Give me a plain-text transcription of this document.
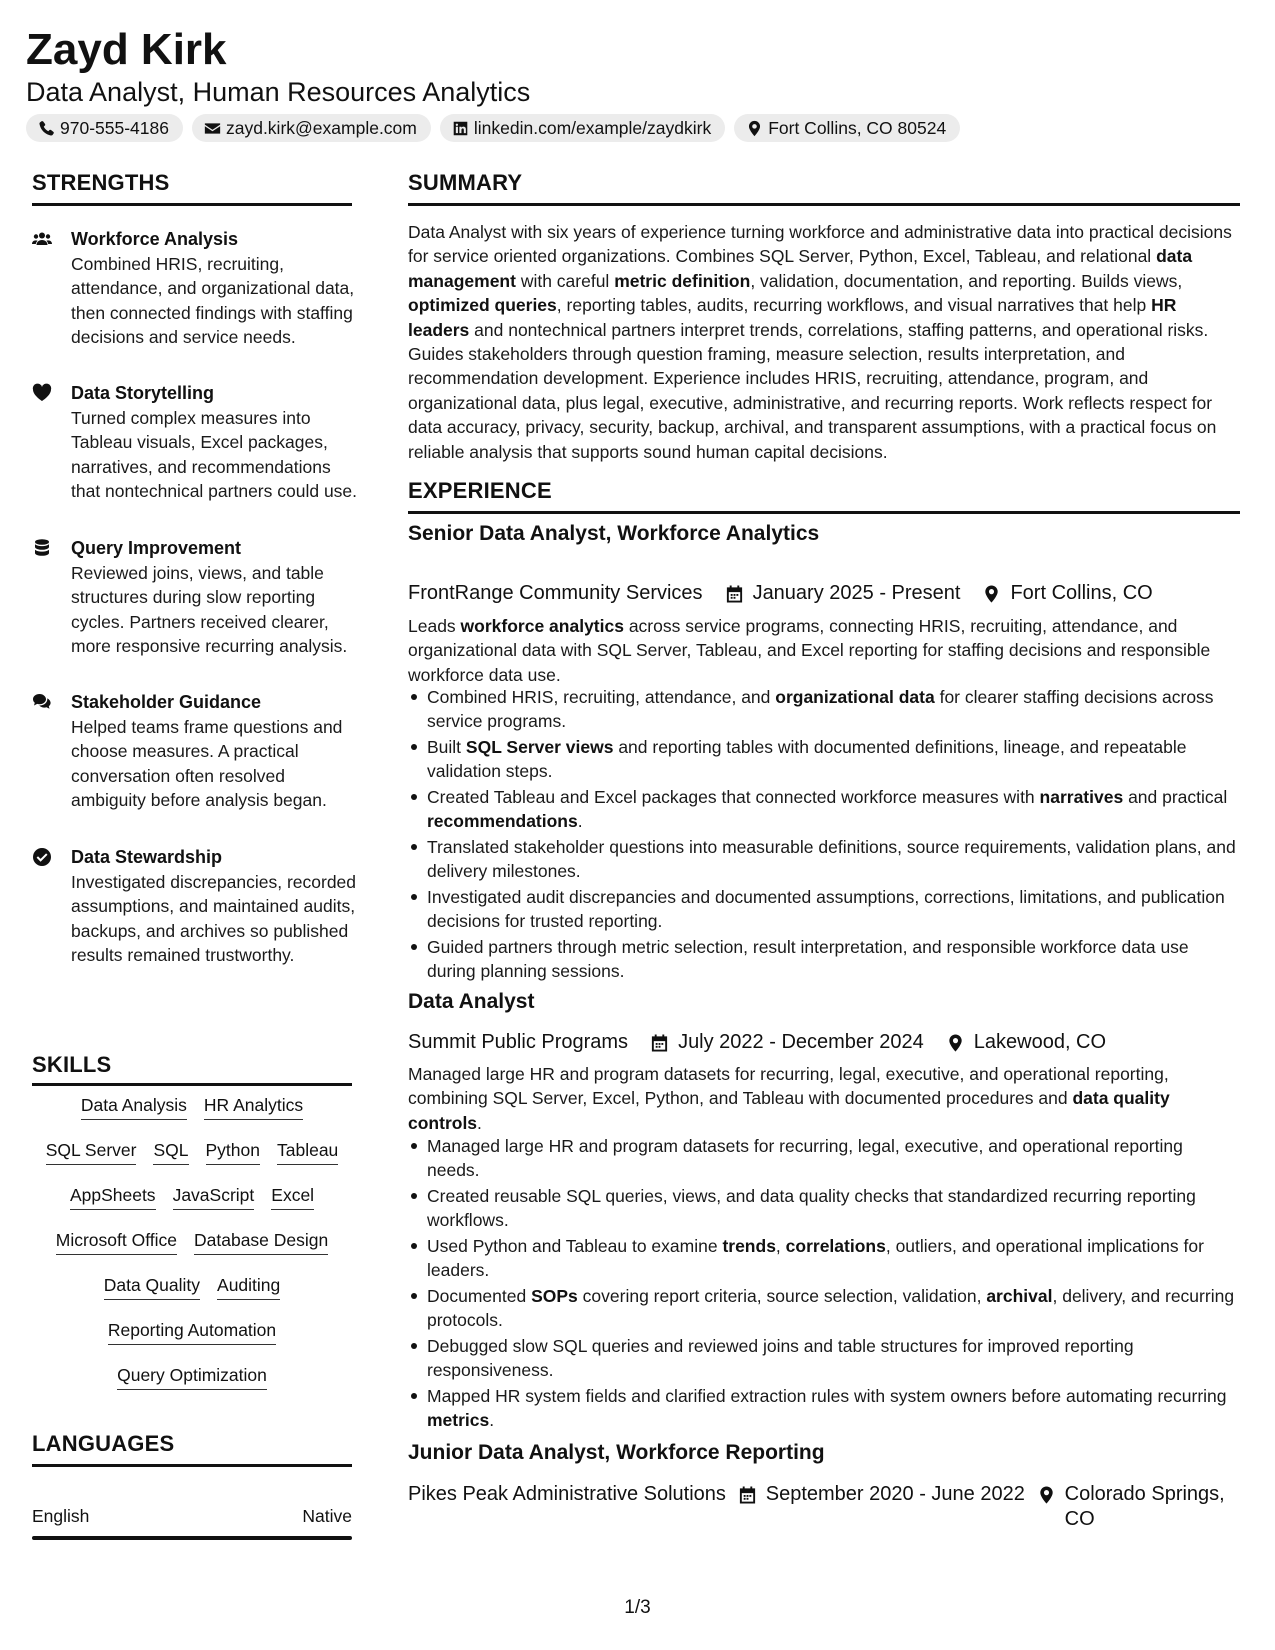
Zayd Kirk
Data Analyst, Human Resources Analytics
970-555-4186	zayd.kirk@example.com	linkedin.com/example/zaydkirk	Fort Collins, CO 80524
STRENGTHS
Workforce Analysis
Combined HRIS, recruiting, attendance, and organizational data, then connected findings with staffing decisions and service needs.
Data Storytelling
Turned complex measures into Tableau visuals, Excel packages, narratives, and recommendations that nontechnical partners could use.
Query Improvement
Reviewed joins, views, and table structures during slow reporting cycles. Partners received clearer, more responsive recurring analysis.
Stakeholder Guidance
Helped teams frame questions and choose measures. A practical conversation often resolved ambiguity before analysis began.
Data Stewardship
Investigated discrepancies, recorded assumptions, and maintained audits, backups, and archives so published results remained trustworthy.
SKILLS
Data Analysis HR Analytics
SQL Server SQL Python Tableau
AppSheets JavaScript Excel
Microsoft Office Database Design
Data Quality Auditing
Reporting Automation
Query Optimization
LANGUAGES
English	Native
SUMMARY
Data Analyst with six years of experience turning workforce and administrative data into practical decisions for service oriented organizations. Combines SQL Server, Python, Excel, Tableau, and relational data management with careful metric definition, validation, documentation, and reporting. Builds views, optimized queries, reporting tables, audits, recurring workflows, and visual narratives that help HR leaders and nontechnical partners interpret trends, correlations, staffing patterns, and operational risks. Guides stakeholders through question framing, measure selection, results interpretation, and recommendation development. Experience includes HRIS, recruiting, attendance, program, and organizational data, plus legal, executive, administrative, and recurring reports. Work reflects respect for data accuracy, privacy, security, backup, archival, and transparent assumptions, with a practical focus on reliable analysis that supports sound human capital decisions.
EXPERIENCE
Senior Data Analyst, Workforce Analytics
FrontRange Community Services	January 2025 - Present	Fort Collins, CO
Leads workforce analytics across service programs, connecting HRIS, recruiting, attendance, and organizational data with SQL Server, Tableau, and Excel reporting for staffing decisions and responsible workforce data use.
Combined HRIS, recruiting, attendance, and organizational data for clearer staffing decisions across service programs.
Built SQL Server views and reporting tables with documented definitions, lineage, and repeatable validation steps.
Created Tableau and Excel packages that connected workforce measures with narratives and practical recommendations.
Translated stakeholder questions into measurable definitions, source requirements, validation plans, and delivery milestones.
Investigated audit discrepancies and documented assumptions, corrections, limitations, and publication decisions for trusted reporting.
Guided partners through metric selection, result interpretation, and responsible workforce data use during planning sessions.
Data Analyst
Summit Public Programs	July 2022 - December 2024	Lakewood, CO
Managed large HR and program datasets for recurring, legal, executive, and operational reporting, combining SQL Server, Excel, Python, and Tableau with documented procedures and data quality controls.
Managed large HR and program datasets for recurring, legal, executive, and operational reporting needs.
Created reusable SQL queries, views, and data quality checks that standardized recurring reporting workflows.
Used Python and Tableau to examine trends, correlations, outliers, and operational implications for leaders.
Documented SOPs covering report criteria, source selection, validation, archival, delivery, and recurring protocols.
Debugged slow SQL queries and reviewed joins and table structures for improved reporting responsiveness.
Mapped HR system fields and clarified extraction rules with system owners before automating recurring metrics.
Junior Data Analyst, Workforce Reporting
Pikes Peak Administrative Solutions September 2020 - June 2022 Colorado Springs, CO
1/3
